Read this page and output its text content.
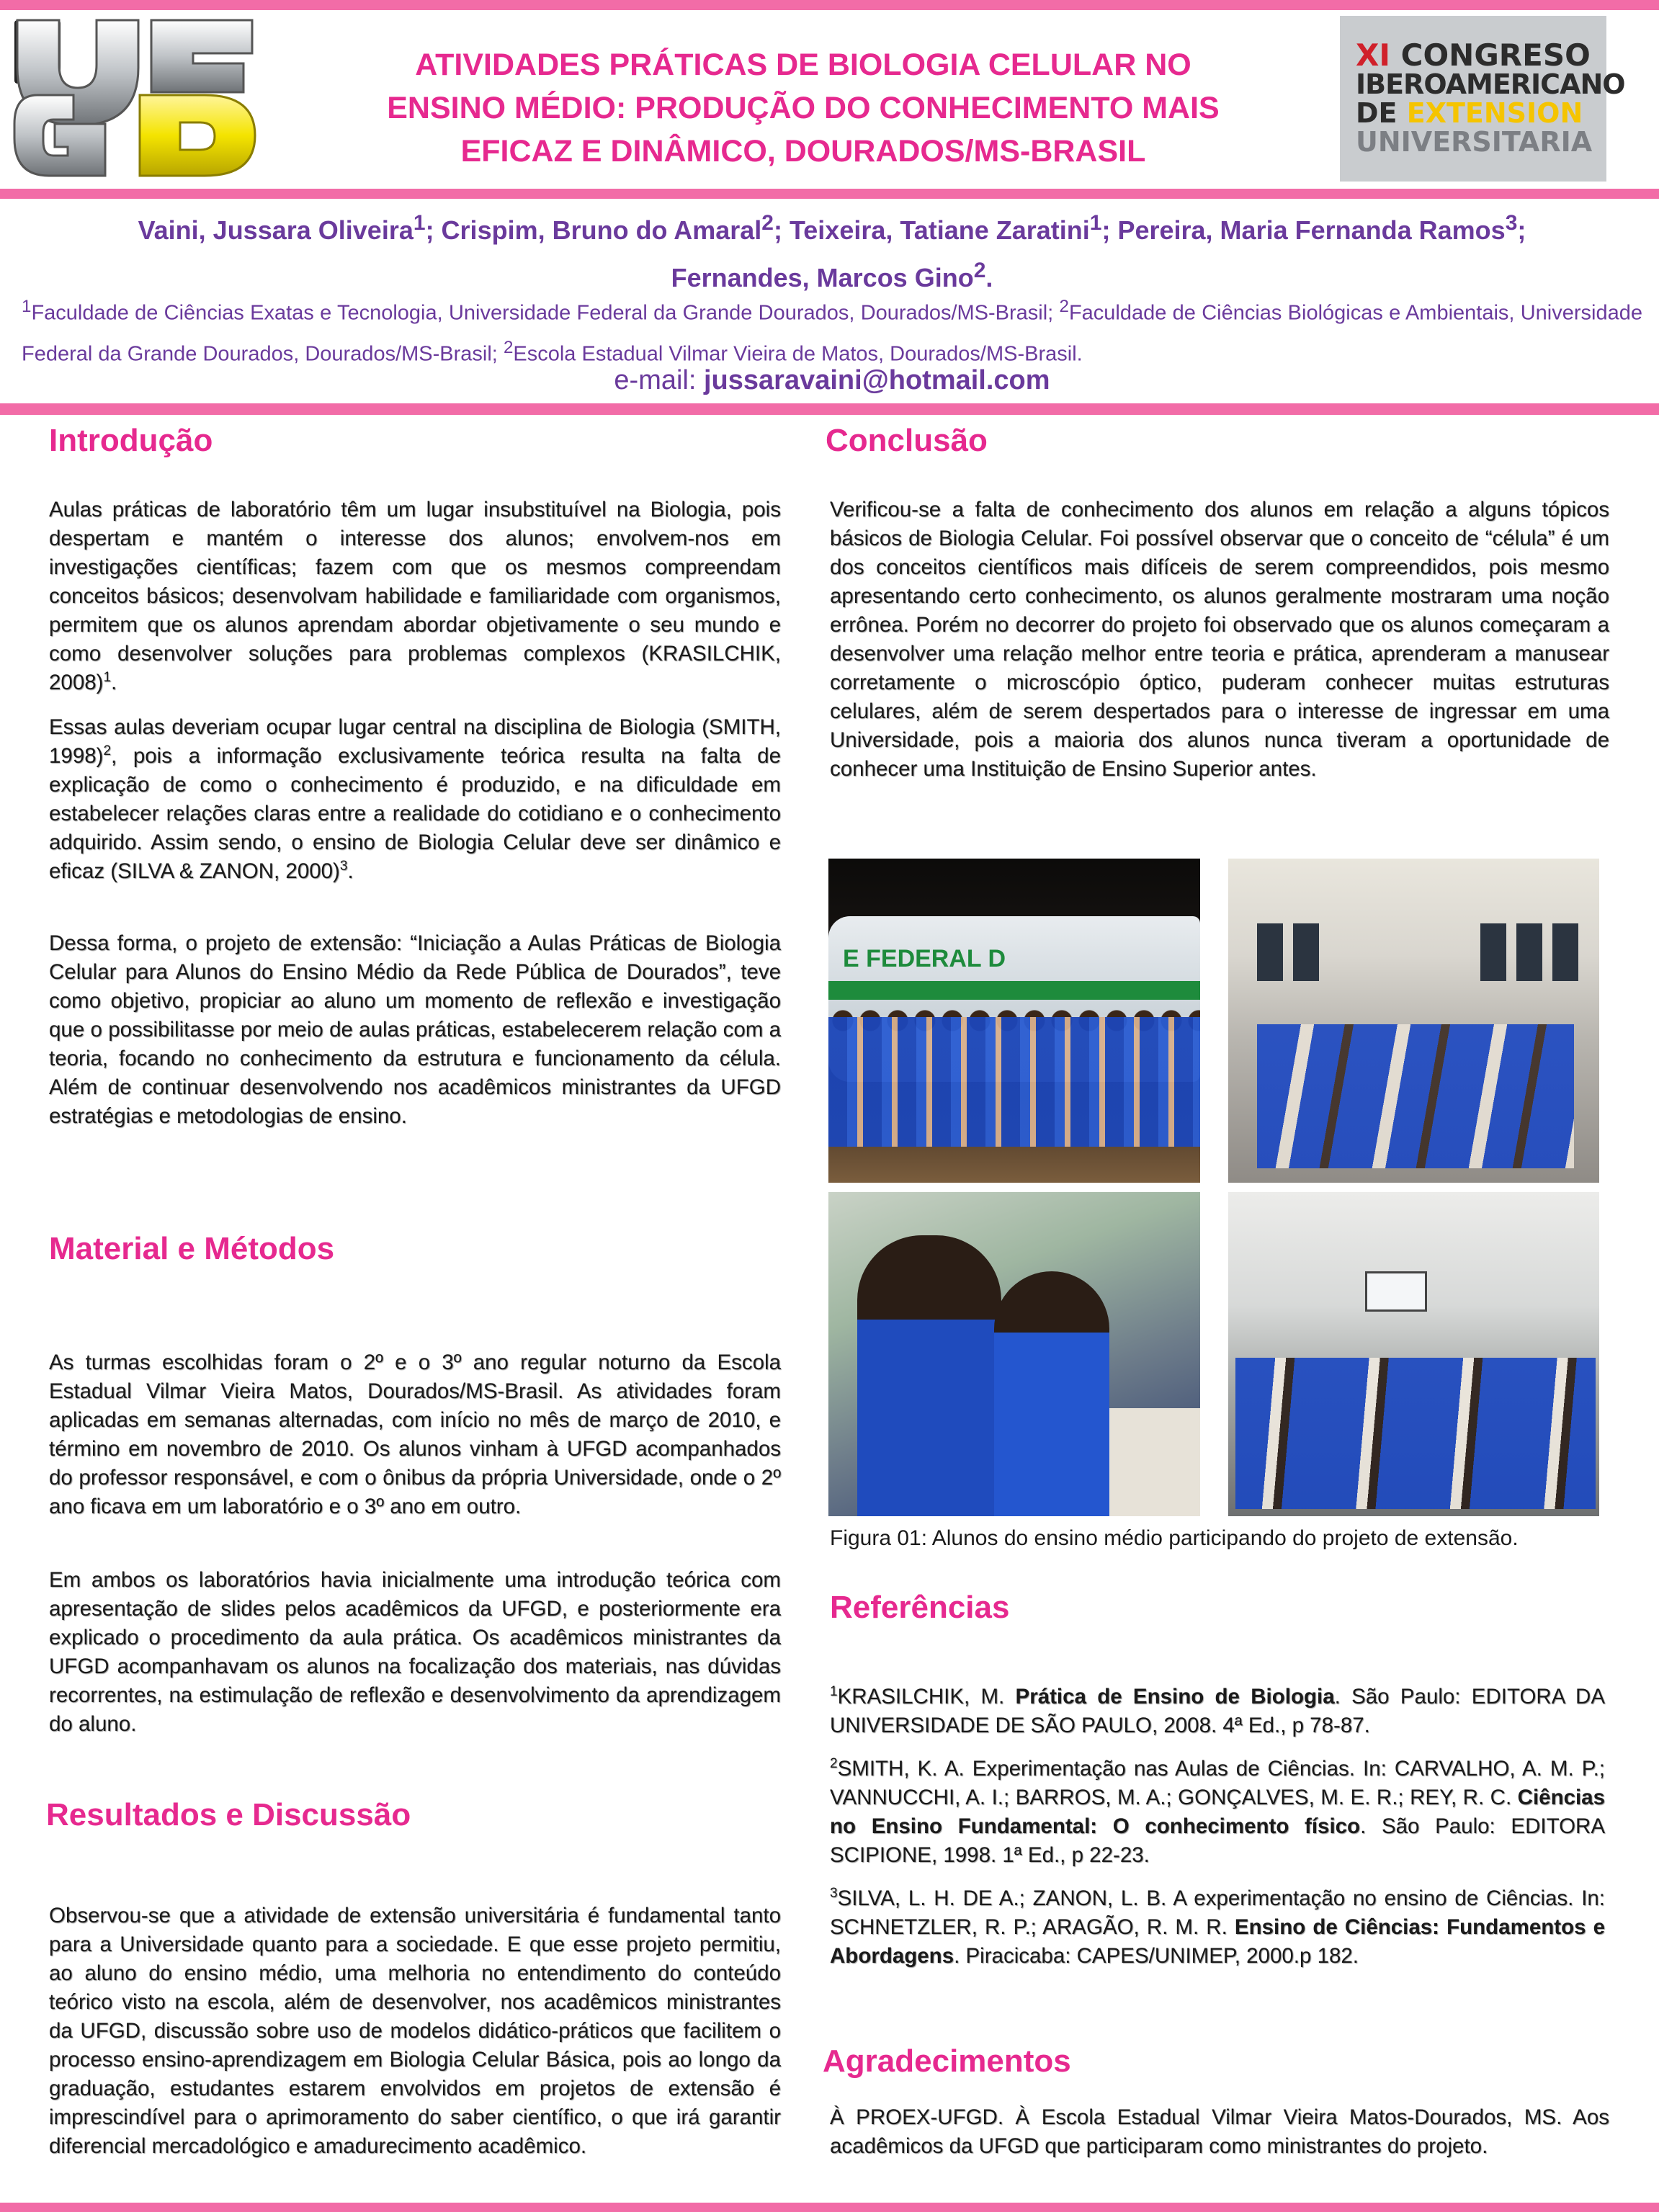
ATIVIDADES PRÁTICAS DE BIOLOGIA CELULAR NO
ENSINO MÉDIO: PRODUÇÃO DO CONHECIMENTO MAIS
EFICAZ E DINÂMICO, DOURADOS/MS-BRASIL
XI CONGRESO
IBEROAMERICANO
DE EXTENSION
UNIVERSITARIA
Vaini, Jussara Oliveira$^1$; Crispim, Bruno do Amaral$^2$; Teixeira, Tatiane Zaratini$^1$; Pereira, Maria Fernanda Ramos$^3$;
Fernandes, Marcos Gino$^2$.
$^1$Faculdade de Ciências Exatas e Tecnologia, Universidade Federal da Grande Dourados, Dourados/MS-Brasil; $^2$Faculdade de Ciências Biológicas e Ambientais, Universidade Federal da Grande Dourados, Dourados/MS-Brasil; $^2$Escola Estadual Vilmar Vieira de Matos, Dourados/MS-Brasil.
e-mail: jussaravaini@hotmail.com
Introdução

Aulas práticas de laboratório têm um lugar insubstituível na Biologia, pois despertam e mantém o interesse dos alunos; envolvem-nos em investigações científicas; fazem com que os mesmos compreendam conceitos básicos; desenvolvam habilidade e familiaridade com organismos, permitem que os alunos aprendam abordar objetivamente o seu mundo e como desenvolver soluções para problemas complexos (KRASILCHIK, 2008)$^1$.

Essas aulas deveriam ocupar lugar central na disciplina de Biologia (SMITH, 1998)$^2$, pois a informação exclusivamente teórica resulta na falta de explicação de como o conhecimento é produzido, e na dificuldade em estabelecer relações claras entre a realidade do cotidiano e o conhecimento adquirido. Assim sendo, o ensino de Biologia Celular deve ser dinâmico e eficaz (SILVA & ZANON, 2000)$^3$.

Dessa forma, o projeto de extensão: “Iniciação a Aulas Práticas de Biologia Celular para Alunos do Ensino Médio da Rede Pública de Dourados”, teve como objetivo, propiciar ao aluno um momento de reflexão e investigação que o possibilitasse por meio de aulas práticas, estabelecerem relação com a teoria, focando no conhecimento da estrutura e funcionamento da célula. Além de continuar desenvolvendo nos acadêmicos ministrantes da UFGD estratégias e metodologias de ensino.

Material e Métodos

As turmas escolhidas foram o 2º e o 3º ano regular noturno da Escola Estadual Vilmar Vieira Matos, Dourados/MS-Brasil. As atividades foram aplicadas em semanas alternadas, com início no mês de março de 2010, e término em novembro de 2010. Os alunos vinham à UFGD acompanhados do professor responsável, e com o ônibus da própria Universidade, onde o 2º ano ficava em um laboratório e o 3º ano em outro.

Em ambos os laboratórios havia inicialmente uma introdução teórica com apresentação de slides pelos acadêmicos da UFGD, e posteriormente era explicado o procedimento da aula prática. Os acadêmicos ministrantes da UFGD acompanhavam os alunos na focalização dos materiais, nas dúvidas recorrentes, na estimulação de reflexão e desenvolvimento da aprendizagem do aluno.

Resultados e Discussão

Observou-se que a atividade de extensão universitária é fundamental tanto para a Universidade quanto para a sociedade. E que esse projeto permitiu, ao aluno do ensino médio, uma melhoria no entendimento do conteúdo teórico visto na escola, além de desenvolver, nos acadêmicos ministrantes da UFGD, discussão sobre uso de modelos didático-práticos que facilitem o processo ensino-aprendizagem em Biologia Celular Básica, pois ao longo da graduação, estudantes estarem envolvidos em projetos de extensão é imprescindível para o aprimoramento do saber científico, o que irá garantir diferencial mercadológico e amadurecimento acadêmico.

Conclusão

Verificou-se a falta de conhecimento dos alunos em relação a alguns tópicos básicos de Biologia Celular. Foi possível observar que o conceito de “célula” é um dos conceitos científicos mais difíceis de serem compreendidos, pois mesmo apresentando certo conhecimento, os alunos geralmente mostraram uma noção errônea. Porém no decorrer do projeto foi observado que os alunos começaram a desenvolver uma relação melhor entre teoria e prática, aprenderam a manusear corretamente o microscópio óptico, puderam conhecer muitas estruturas celulares, além de serem despertados para o interesse de ingressar em uma Universidade, pois a maioria dos alunos nunca tiveram a oportunidade de conhecer uma Instituição de Ensino Superior antes.

E FEDERAL D
Figura 01: Alunos do ensino médio participando do projeto de extensão.
Referências

$^1$KRASILCHIK, M. Prática de Ensino de Biologia. São Paulo: EDITORA DA UNIVERSIDADE DE SÃO PAULO, 2008. 4ª Ed., p 78-87.

$^2$SMITH, K. A. Experimentação nas Aulas de Ciências. In: CARVALHO, A. M. P.; VANNUCCHI, A. I.; BARROS, M. A.; GONÇALVES, M. E. R.; REY, R. C. Ciências no Ensino Fundamental: O conhecimento físico. São Paulo: EDITORA SCIPIONE, 1998. 1ª Ed., p 22-23.

$^3$SILVA, L. H. DE A.; ZANON, L. B. A experimentação no ensino de Ciências. In: SCHNETZLER, R. P.; ARAGÃO, R. M. R. Ensino de Ciências: Fundamentos e Abordagens. Piracicaba: CAPES/UNIMEP, 2000.p 182.

Agradecimentos

À PROEX-UFGD. À Escola Estadual Vilmar Vieira Matos-Dourados, MS. Aos acadêmicos da UFGD que participaram como ministrantes do projeto.
